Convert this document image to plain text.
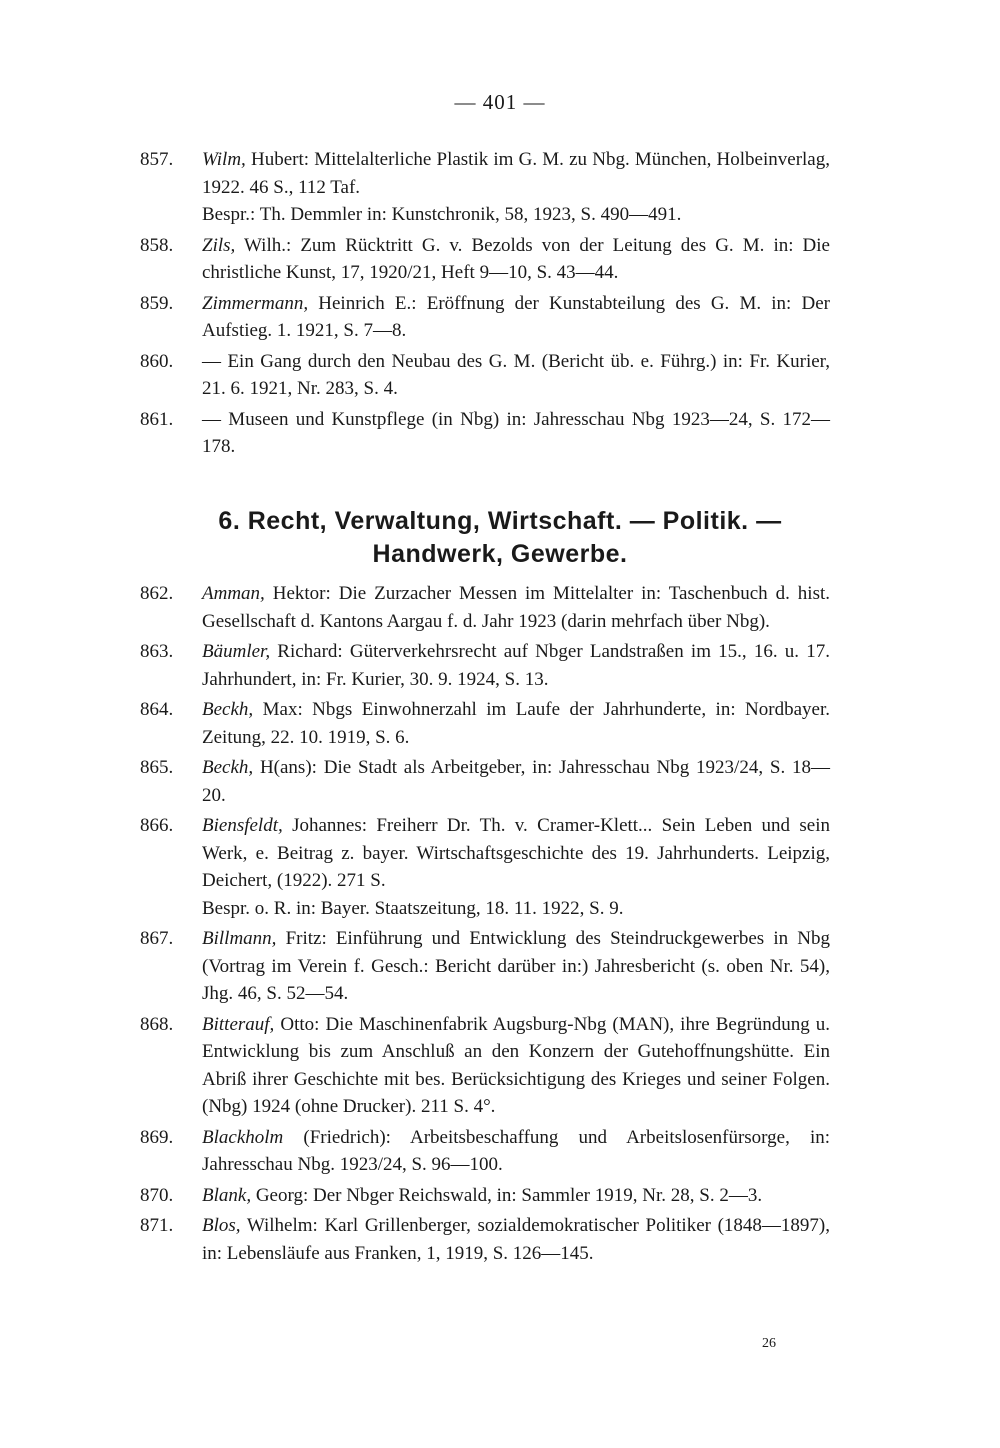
— 401 —
857. Wilm, Hubert: Mittelalterliche Plastik im G. M. zu Nbg. München, Holbeinverlag, 1922. 46 S., 112 Taf.
Bespr.: Th. Demmler in: Kunstchronik, 58, 1923, S. 490—491.
858. Zils, Wilh.: Zum Rücktritt G. v. Bezolds von der Leitung des G. M. in: Die christliche Kunst, 17, 1920/21, Heft 9—10, S. 43—44.
859. Zimmermann, Heinrich E.: Eröffnung der Kunstabteilung des G. M. in: Der Aufstieg. 1. 1921, S. 7—8.
860. — Ein Gang durch den Neubau des G. M. (Bericht üb. e. Führg.) in: Fr. Kurier, 21. 6. 1921, Nr. 283, S. 4.
861. — Museen und Kunstpflege (in Nbg) in: Jahresschau Nbg 1923—24, S. 172—178.
6. Recht, Verwaltung, Wirtschaft. — Politik. —
Handwerk, Gewerbe.
862. Amman, Hektor: Die Zurzacher Messen im Mittelalter in: Taschenbuch d. hist. Gesellschaft d. Kantons Aargau f. d. Jahr 1923 (darin mehrfach über Nbg).
863. Bäumler, Richard: Güterverkehrsrecht auf Nbger Landstraßen im 15., 16. u. 17. Jahrhundert, in: Fr. Kurier, 30. 9. 1924, S. 13.
864. Beckh, Max: Nbgs Einwohnerzahl im Laufe der Jahrhunderte, in: Nordbayer. Zeitung, 22. 10. 1919, S. 6.
865. Beckh, H(ans): Die Stadt als Arbeitgeber, in: Jahresschau Nbg 1923/24, S. 18—20.
866. Biensfeldt, Johannes: Freiherr Dr. Th. v. Cramer-Klett... Sein Leben und sein Werk, e. Beitrag z. bayer. Wirtschaftsgeschichte des 19. Jahrhunderts. Leipzig, Deichert, (1922). 271 S.
Bespr. o. R. in: Bayer. Staatszeitung, 18. 11. 1922, S. 9.
867. Billmann, Fritz: Einführung und Entwicklung des Steindruckgewerbes in Nbg (Vortrag im Verein f. Gesch.: Bericht darüber in:) Jahresbericht (s. oben Nr. 54), Jhg. 46, S. 52—54.
868. Bitterauf, Otto: Die Maschinenfabrik Augsburg-Nbg (MAN), ihre Begründung u. Entwicklung bis zum Anschluß an den Konzern der Gutehoffnungshütte. Ein Abriß ihrer Geschichte mit bes. Berücksichtigung des Krieges und seiner Folgen. (Nbg) 1924 (ohne Drucker). 211 S. 4°.
869. Blackholm (Friedrich): Arbeitsbeschaffung und Arbeitslosenfürsorge, in: Jahresschau Nbg. 1923/24, S. 96—100.
870. Blank, Georg: Der Nbger Reichswald, in: Sammler 1919, Nr. 28, S. 2—3.
871. Blos, Wilhelm: Karl Grillenberger, sozialdemokratischer Politiker (1848—1897), in: Lebensläufe aus Franken, 1, 1919, S. 126—145.
26
